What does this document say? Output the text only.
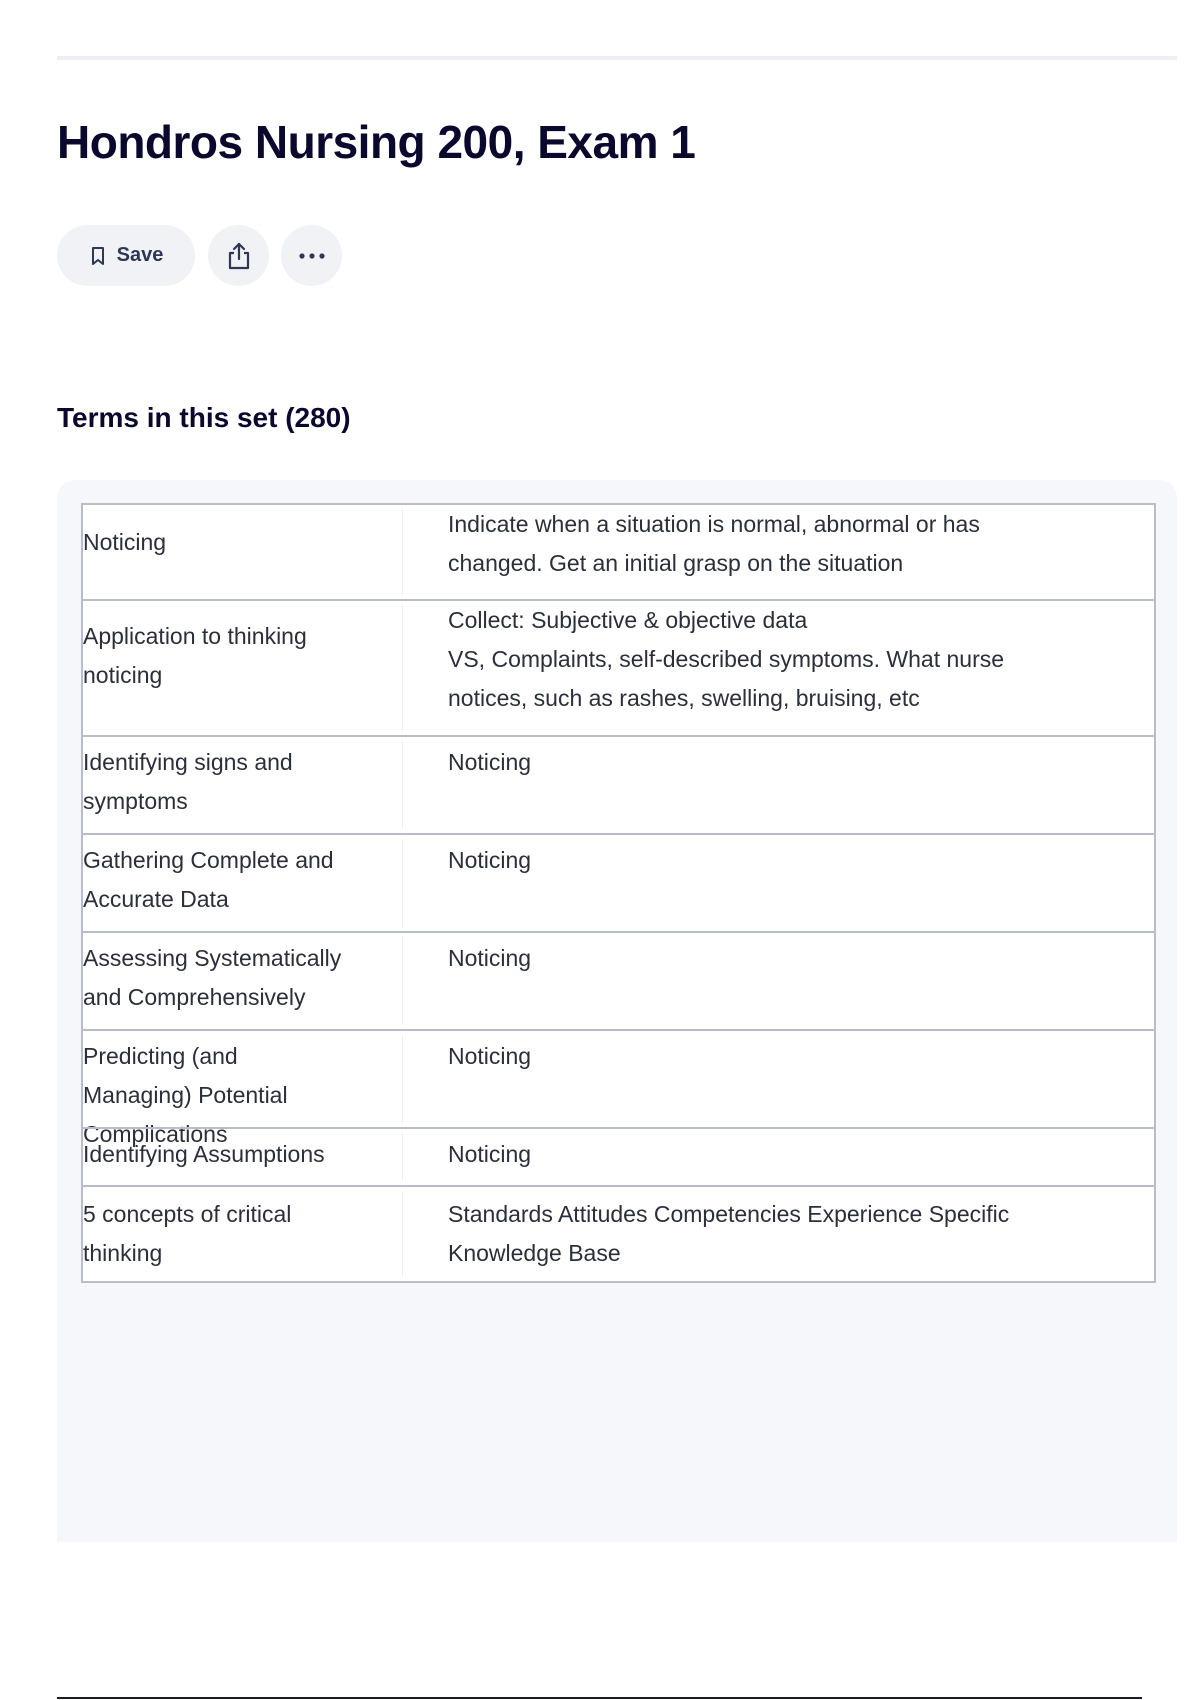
Hondros Nursing 200, Exam 1
Save
Terms in this set (280)
Noticing
Indicate when a situation is normal, abnormal or has changed. Get an initial grasp on the situation
Application to thinking noticing
Collect: Subjective & objective data
VS, Complaints, self-described symptoms. What nurse notices, such as rashes, swelling, bruising, etc
Identifying signs and symptoms
Noticing
Gathering Complete and Accurate Data
Noticing
Assessing Systematically and Comprehensively
Noticing
Predicting (and Managing) Potential Complications
Noticing
Identifying Assumptions	Noticing
5 concepts of critical thinking
Standards Attitudes Competencies Experience Specific Knowledge Base
